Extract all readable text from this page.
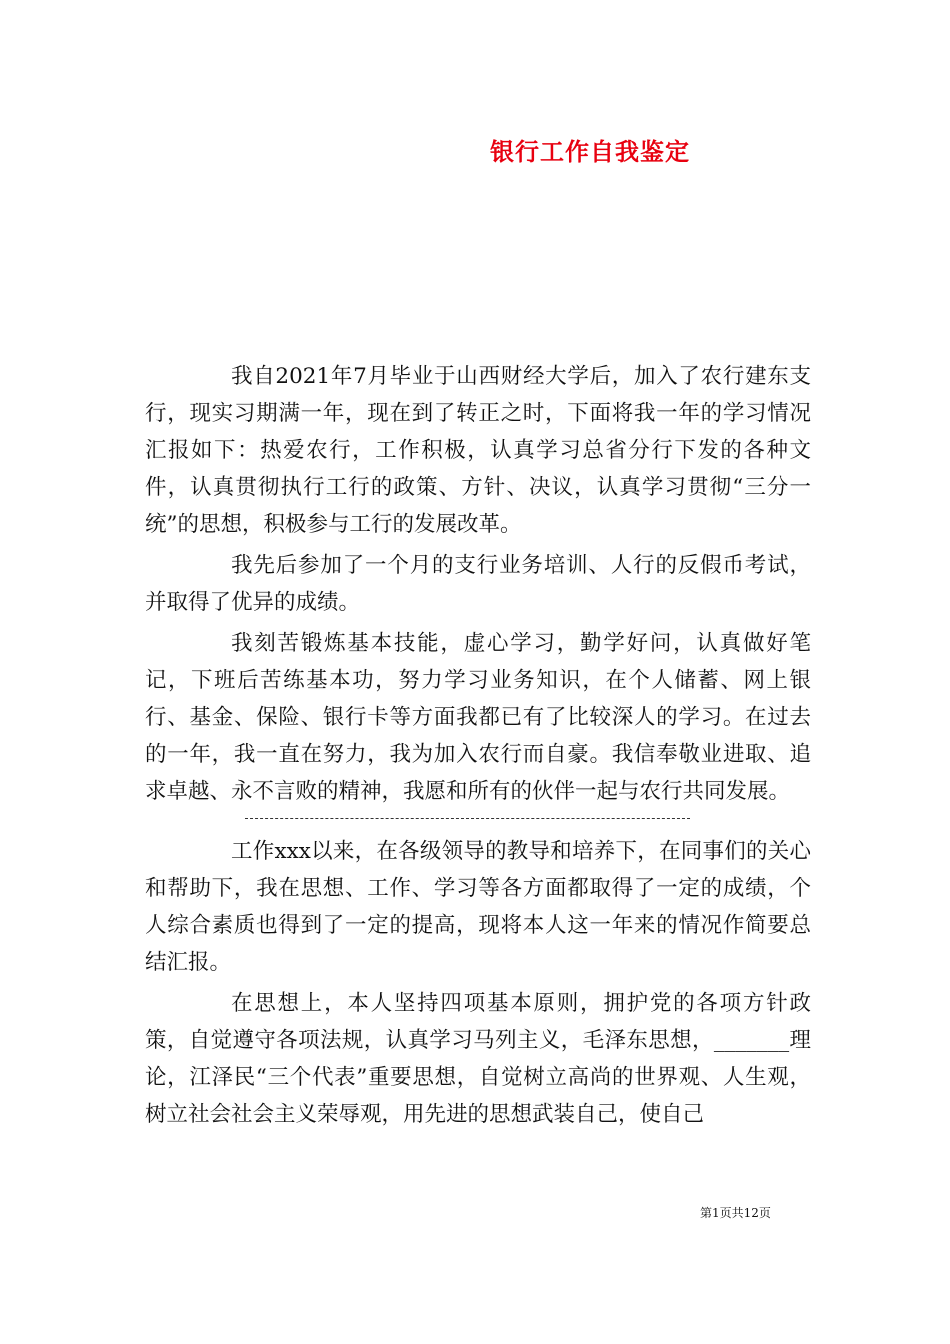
银行工作自我鉴定

我自2021年7月毕业于山西财经大学后，加入了农行建东支行，现实习期满一年，现在到了转正之时，下面将我一年的学习情况汇报如下：热爱农行，工作积极，认真学习总省分行下发的各种文件，认真贯彻执行工行的政策、方针、决议，认真学习贯彻“三分一统”的思想，积极参与工行的发展改革。

我先后参加了一个月的支行业务培训、人行的反假币考试，并取得了优异的成绩。

我刻苦锻炼基本技能，虚心学习，勤学好问，认真做好笔记，下班后苦练基本功，努力学习业务知识，在个人储蓄、网上银行、基金、保险、银行卡等方面我都已有了比较深人的学习。在过去的一年，我一直在努力，我为加入农行而自豪。我信奉敬业进取、追求卓越、永不言败的精神，我愿和所有的伙伴一起与农行共同发展。

工作xxx以来，在各级领导的教导和培养下，在同事们的关心和帮助下，我在思想、工作、学习等各方面都取得了一定的成绩，个人综合素质也得到了一定的提高，现将本人这一年来的情况作简要总结汇报。

在思想上，本人坚持四项基本原则，拥护党的各项方针政策，自觉遵守各项法规，认真学习马列主义，毛泽东思想，_______理论，江泽民“三个代表”重要思想，自觉树立高尚的世界观、人生观，树立社会社会主义荣辱观，用先进的思想武装自己，使自己

第1页共12页
